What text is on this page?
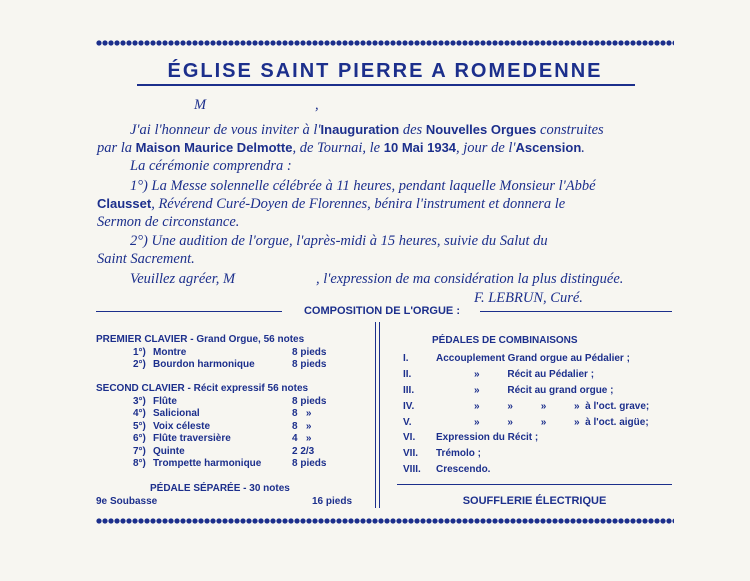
ÉGLISE SAINT PIERRE A ROMEDENNE
M	,
J'ai l'honneur de vous inviter à l'Inauguration des Nouvelles Orgues construites
par la Maison Maurice Delmotte, de Tournai, le 10 Mai 1934, jour de l'Ascension.
La cérémonie comprendra :
1°) La Messe solennelle célébrée à 11 heures, pendant laquelle Monsieur l'Abbé
Clausset, Révérend Curé-Doyen de Florennes, bénira l'instrument et donnera le
Sermon de circonstance.
2°) Une audition de l'orgue, l'après-midi à 15 heures, suivie du Salut du
Saint Sacrement.
Veuillez agréer, M	, l'expression de ma considération la plus distinguée.
F. LEBRUN, Curé.
COMPOSITION DE L'ORGUE :
PREMIER CLAVIER - Grand Orgue, 56 notes
1°) Montre	8 pieds
2°) Bourdon harmonique	8 pieds
SECOND CLAVIER - Récit expressif 56 notes
3°) Flûte	8 pieds
4°) Salicional	8   »
5°) Voix céleste	8   »
6°) Flûte traversière	4   »
7°) Quinte	2 2/3
8°) Trompette harmonique	8 pieds
PÉDALE SÉPARÉE - 30 notes
9e Soubasse	16 pieds
PÉDALES DE COMBINAISONS
I.	Accouplement Grand orgue au Pédalier ;
II.	»          Récit au Pédalier ;
III.	»          Récit au grand orgue ;
IV.	»          »          »          »  à l'oct. grave;
V.	»          »          »          »  à l'oct. aigüe;
VI. Expression du Récit ;
VII. Trémolo ;
VIII. Crescendo.
SOUFFLERIE ÉLECTRIQUE
